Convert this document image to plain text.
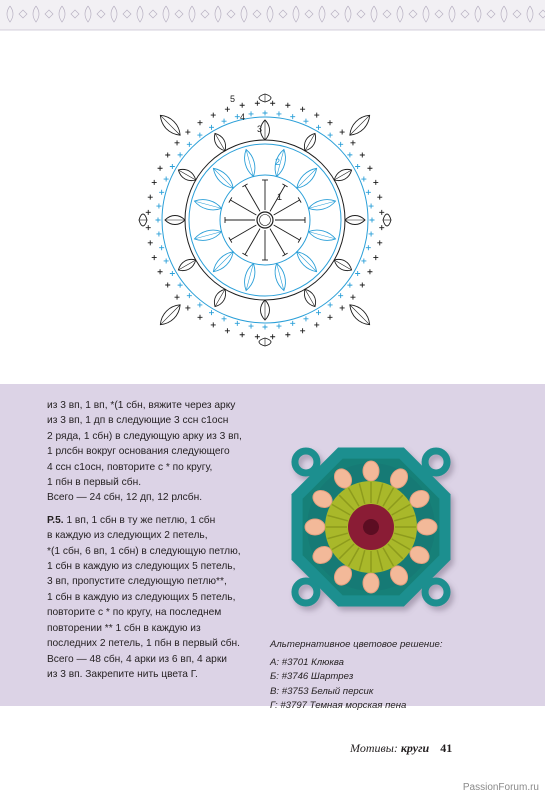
5
4
3
2
1

из 3 вп, 1 вп, *(1 сбн, вяжите через арку

из 3 вп, 1 дп в следующие 3 ссн с1осн

2 ряда, 1 сбн) в следующую арку из 3 вп,

1 рлсбн вокруг основания следующего

4 ссн с1осн, повторите с * по кругу,

1 пбн в первый сбн.

Всего — 24 сбн, 12 дп, 12 рлсбн.

Р.5. 1 вп, 1 сбн в ту же петлю, 1 сбн

в каждую из следующих 2 петель,

*(1 сбн, 6 вп, 1 сбн) в следующую петлю,

1 сбн в каждую из следующих 5 петель,

3 вп, пропустите следующую петлю**,

1 сбн в каждую из следующих 5 петель,

повторите с * по кругу, на последнем

повторении ** 1 сбн в каждую из

последних 2 петель, 1 пбн в первый сбн.

Всего — 48 сбн, 4 арки из 6 вп, 4 арки

из 3 вп. Закрепите нить цвета Г.

Альтернативное цветовое решение:

А: #3701 Клюква

Б: #3746 Шартрез

В: #3753 Белый персик

Г: #3797 Темная морская пена

Мотивы: круги 41
PassionForum.ru
